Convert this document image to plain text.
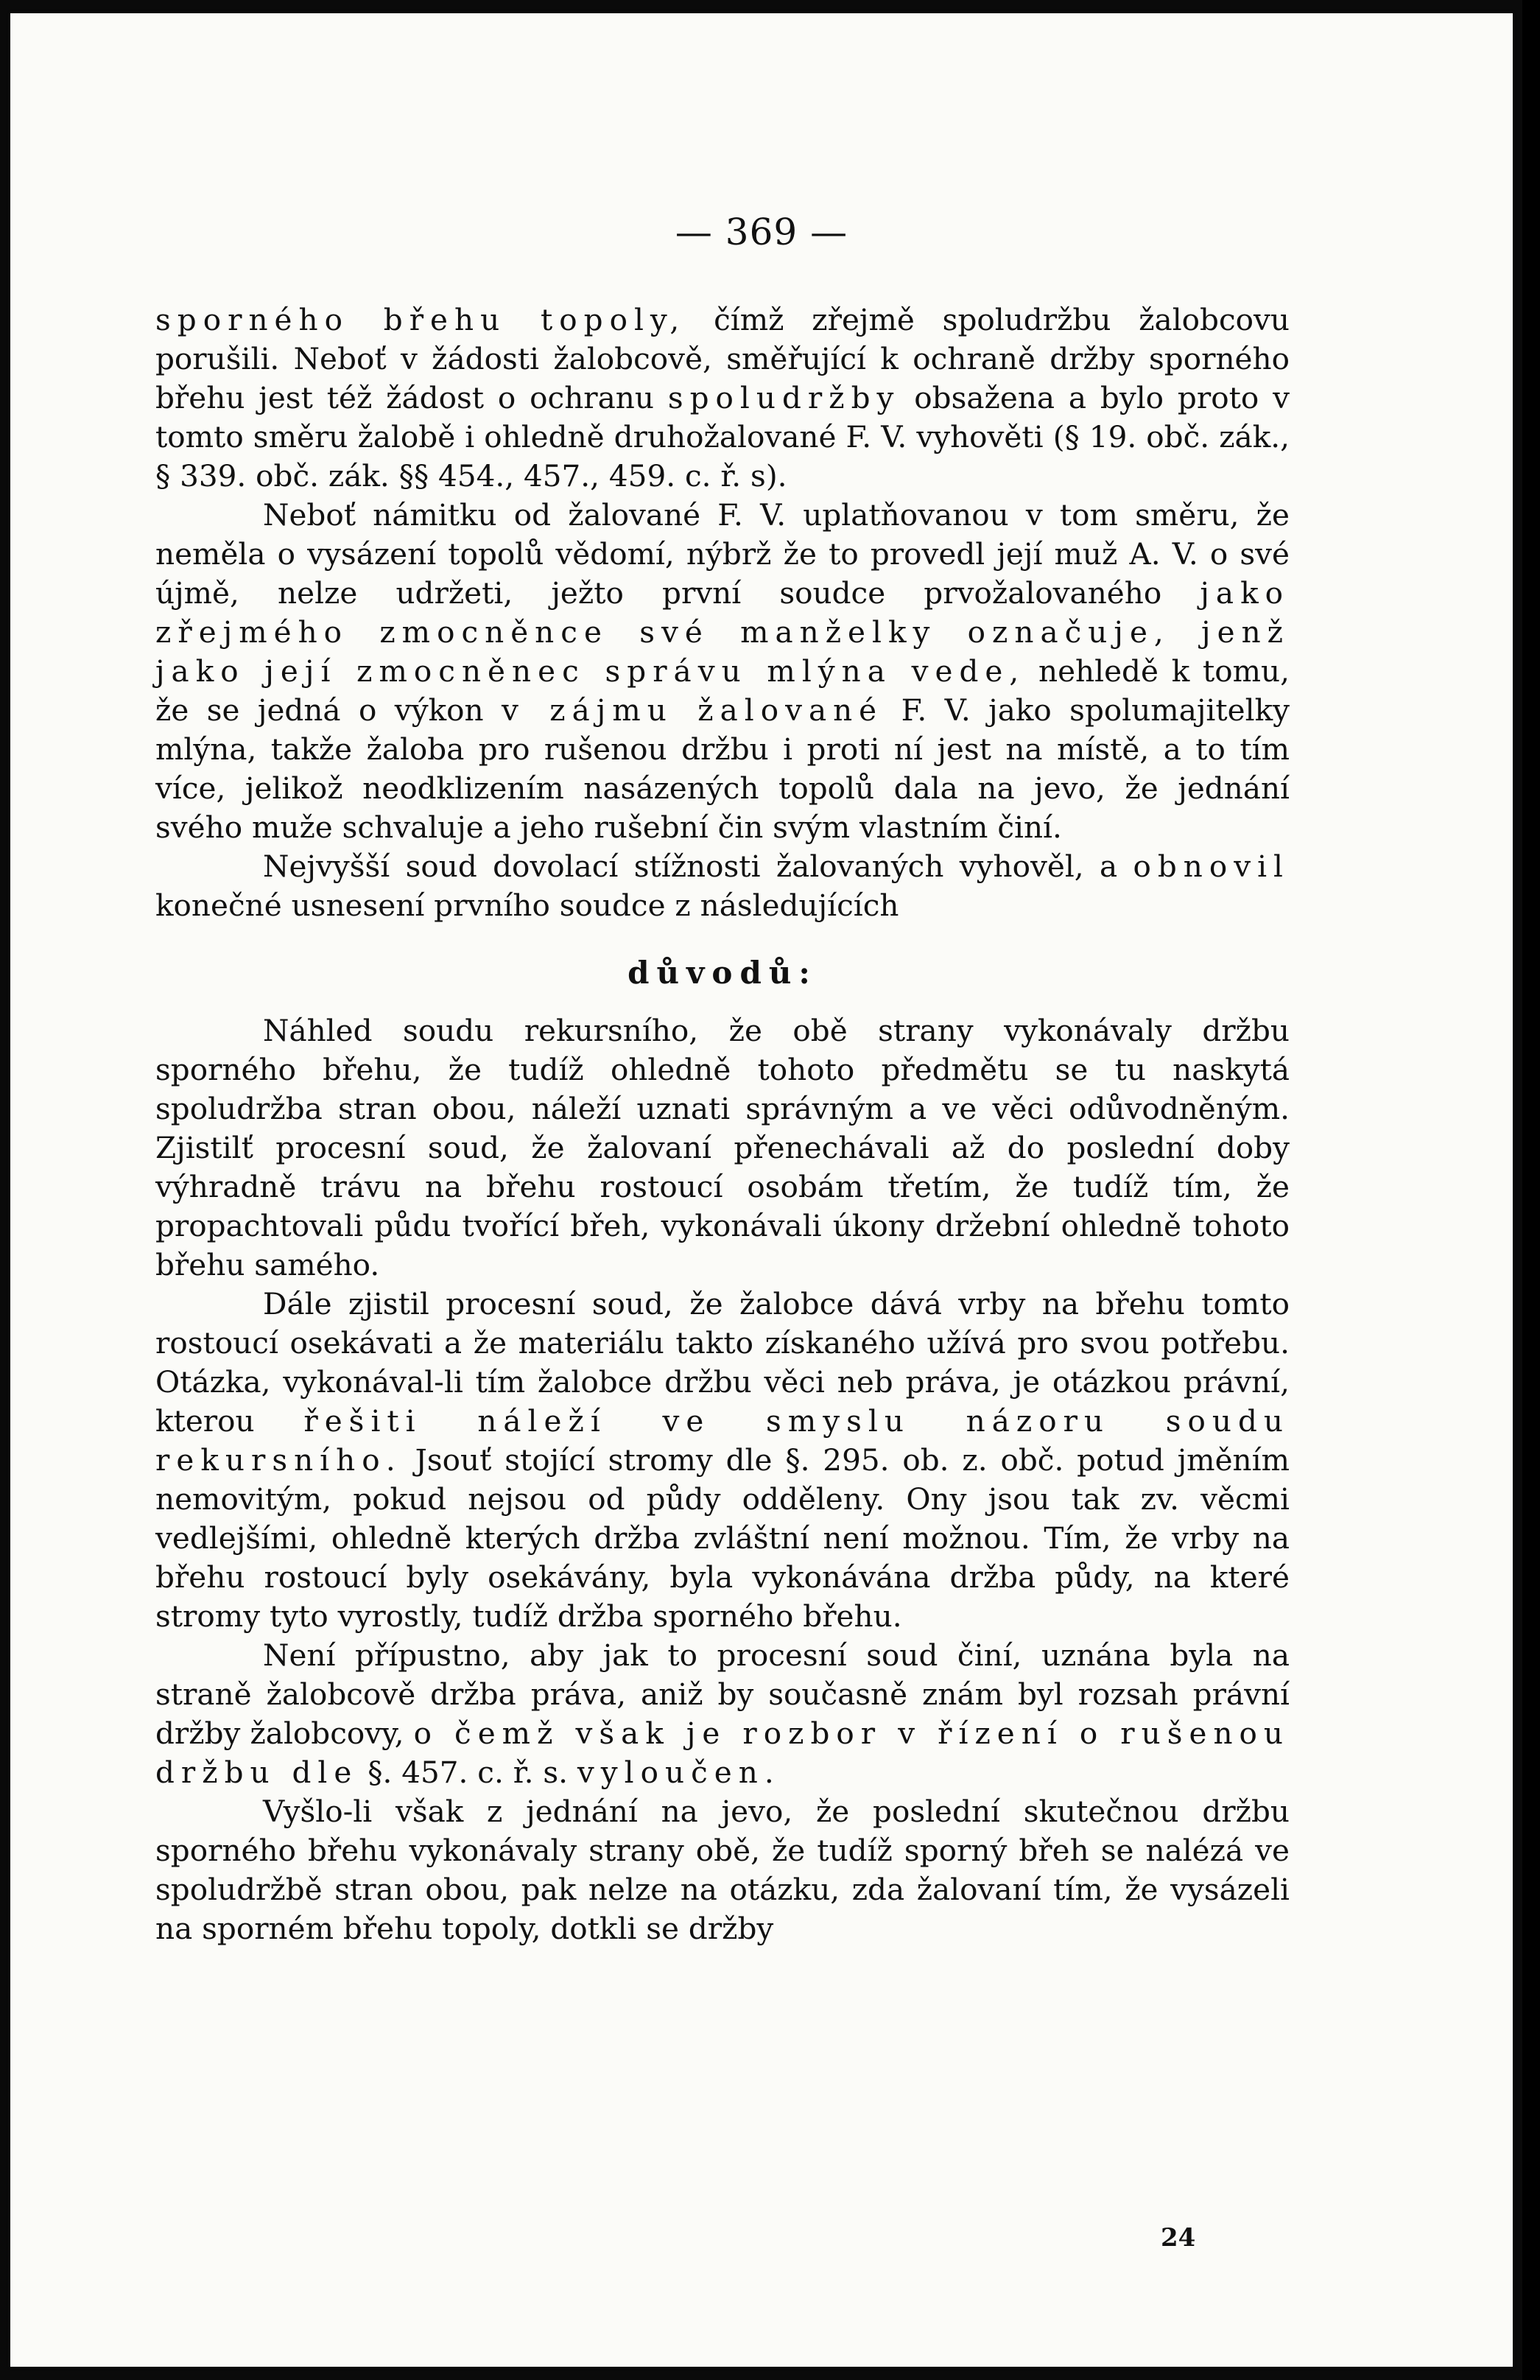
— 369 —

sporného břehu topoly, čímž zřejmě spoludržbu žalobcovu porušili. Neboť v žádosti žalobcově, směřující k ochraně držby sporného břehu jest též žádost o ochranu spoludržby obsažena a bylo proto v tomto směru žalobě i ohledně druhožalované F. V. vyhověti (§ 19. obč. zák., § 339. obč. zák. §§ 454., 457., 459. c. ř. s).

Neboť námitku od žalované F. V. uplatňovanou v tom směru, že neměla o vysázení topolů vědomí, nýbrž že to provedl její muž A. V. o své újmě, nelze udržeti, ježto první soudce prvožalovaného jako zřejmého zmocněnce své manželky označuje, jenž jako její zmocněnec správu mlýna vede, nehledě k tomu, že se jedná o výkon v zájmu žalované F. V. jako spolumajitelky mlýna, takže žaloba pro rušenou držbu i proti ní jest na místě, a to tím více, jelikož neodklizením nasázených topolů dala na jevo, že jednání svého muže schvaluje a jeho rušební čin svým vlastním činí.

Nejvyšší soud dovolací stížnosti žalovaných vyhověl, a obnovil konečné usnesení prvního soudce z následujících

důvodů:

Náhled soudu rekursního, že obě strany vykonávaly držbu sporného břehu, že tudíž ohledně tohoto předmětu se tu naskytá spoludržba stran obou, náleží uznati správným a ve věci odůvodněným. Zjistilť procesní soud, že žalovaní přenechávali až do poslední doby výhradně trávu na břehu rostoucí osobám třetím, že tudíž tím, že propachtovali půdu tvořící břeh, vykonávali úkony držební ohledně tohoto břehu samého.

Dále zjistil procesní soud, že žalobce dává vrby na břehu tomto rostoucí osekávati a že materiálu takto získaného užívá pro svou potřebu. Otázka, vykonával-li tím žalobce držbu věci neb práva, je otázkou právní, kterou řešiti náleží ve smyslu názoru soudu rekursního. Jsouť stojící stromy dle §. 295. ob. z. obč. potud jměním nemovitým, pokud nejsou od půdy odděleny. Ony jsou tak zv. věcmi vedlejšími, ohledně kterých držba zvláštní není možnou. Tím, že vrby na břehu rostoucí byly osekávány, byla vykonávána držba půdy, na které stromy tyto vyrostly, tudíž držba sporného břehu.

Není přípustno, aby jak to procesní soud činí, uznána byla na straně žalobcově držba práva, aniž by současně znám byl rozsah právní držby žalobcovy, o čemž však je rozbor v řízení o rušenou držbu dle §. 457. c. ř. s. vyloučen.

Vyšlo-li však z jednání na jevo, že poslední skutečnou držbu sporného břehu vykonávaly strany obě, že tudíž sporný břeh se nalézá ve spoludržbě stran obou, pak nelze na otázku, zda žalovaní tím, že vysázeli na sporném břehu topoly, dotkli se držby

24
